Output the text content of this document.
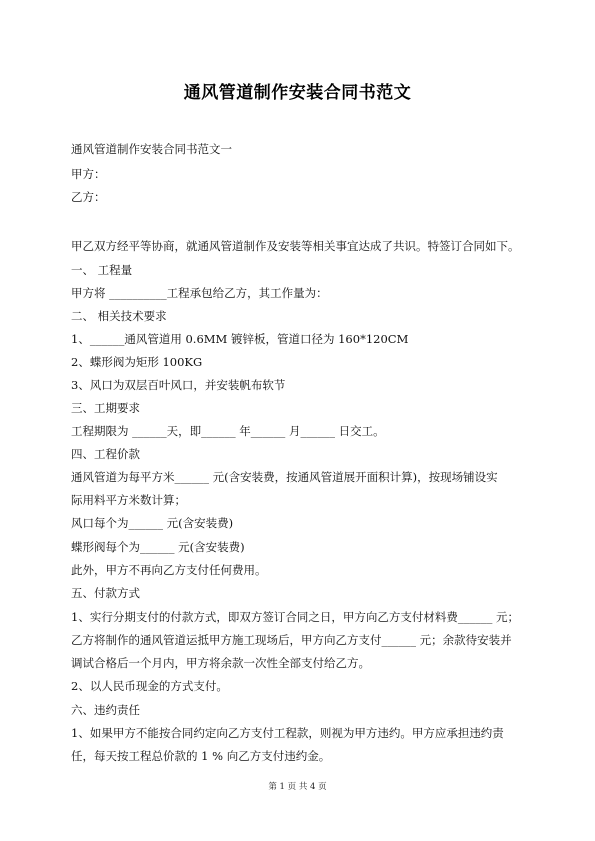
通风管道制作安装合同书范文
通风管道制作安装合同书范文一
甲方：
乙方：
甲乙双方经平等协商，就通风管道制作及安装等相关事宜达成了共识。特签订合同如下。
一、 工程量
甲方将 __________工程承包给乙方，其工作量为：
二、 相关技术要求
1、______通风管道用 0.6MM 镀锌板，管道口径为 160*120CM
2、蝶形阀为矩形 100KG
3、风口为双层百叶风口，并安装帆布软节
三、工期要求
工程期限为 ______天，即______ 年______ 月______ 日交工。
四、工程价款
通风管道为每平方米______ 元(含安装费，按通风管道展开面积计算)，按现场铺设实
际用料平方米数计算；
风口每个为______ 元(含安装费)
蝶形阀每个为______ 元(含安装费)
此外，甲方不再向乙方支付任何费用。
五、付款方式
1、实行分期支付的付款方式，即双方签订合同之日，甲方向乙方支付材料费______ 元；
乙方将制作的通风管道运抵甲方施工现场后，甲方向乙方支付______ 元；余款待安装并
调试合格后一个月内，甲方将余款一次性全部支付给乙方。
2、以人民币现金的方式支付。
六、违约责任
1、如果甲方不能按合同约定向乙方支付工程款，则视为甲方违约。甲方应承担违约责
任，每天按工程总价款的 1 % 向乙方支付违约金。
第 1 页 共 4 页
